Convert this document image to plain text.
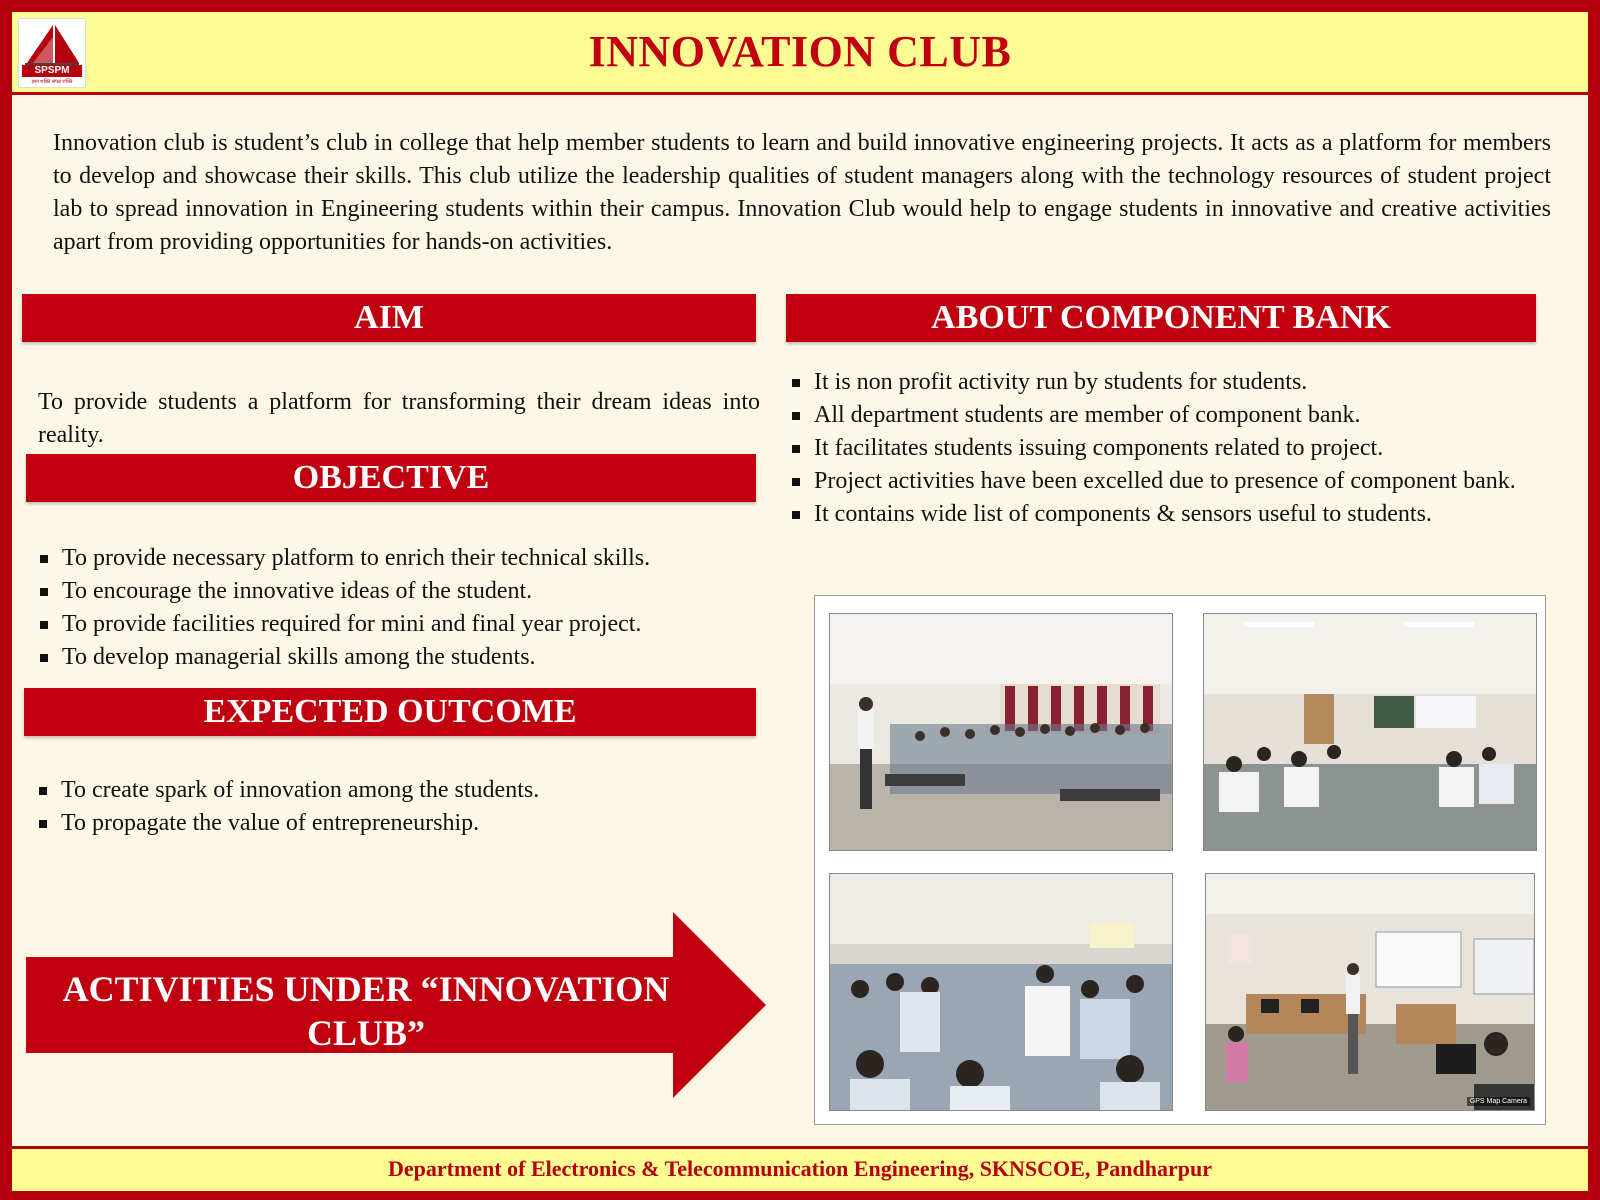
SPSPM
ज्ञान शक्ति संपन्न शक्ति
INNOVATION CLUB
Innovation club is student’s club in college that help member students to learn and build innovative engineering projects. It acts as a platform for members to develop and showcase their skills. This club utilize the leadership qualities of student managers along with the technology resources of student project lab to spread innovation in Engineering students within their campus. Innovation Club would help to engage students in innovative and creative activities apart from providing opportunities for hands-on activities.
AIM
To provide students a platform for transforming their dream ideas into reality.
OBJECTIVE
To provide necessary platform to enrich their technical skills.
To encourage the innovative ideas of the student.
To provide facilities required for mini and final year project.
To develop managerial skills among the students.
EXPECTED OUTCOME
To create spark of innovation among the students.
To propagate the value of entrepreneurship.
ABOUT COMPONENT BANK
It is non profit activity run by students for students.
All department students are member of component bank.
It facilitates students issuing components related to project.
Project activities have been excelled due to presence of component bank.
It contains wide list of components & sensors useful to students.
ACTIVITIES UNDER “INNOVATION
CLUB”
GPS Map Camera
Department of Electronics & Telecommunication Engineering, SKNSCOE, Pandharpur
